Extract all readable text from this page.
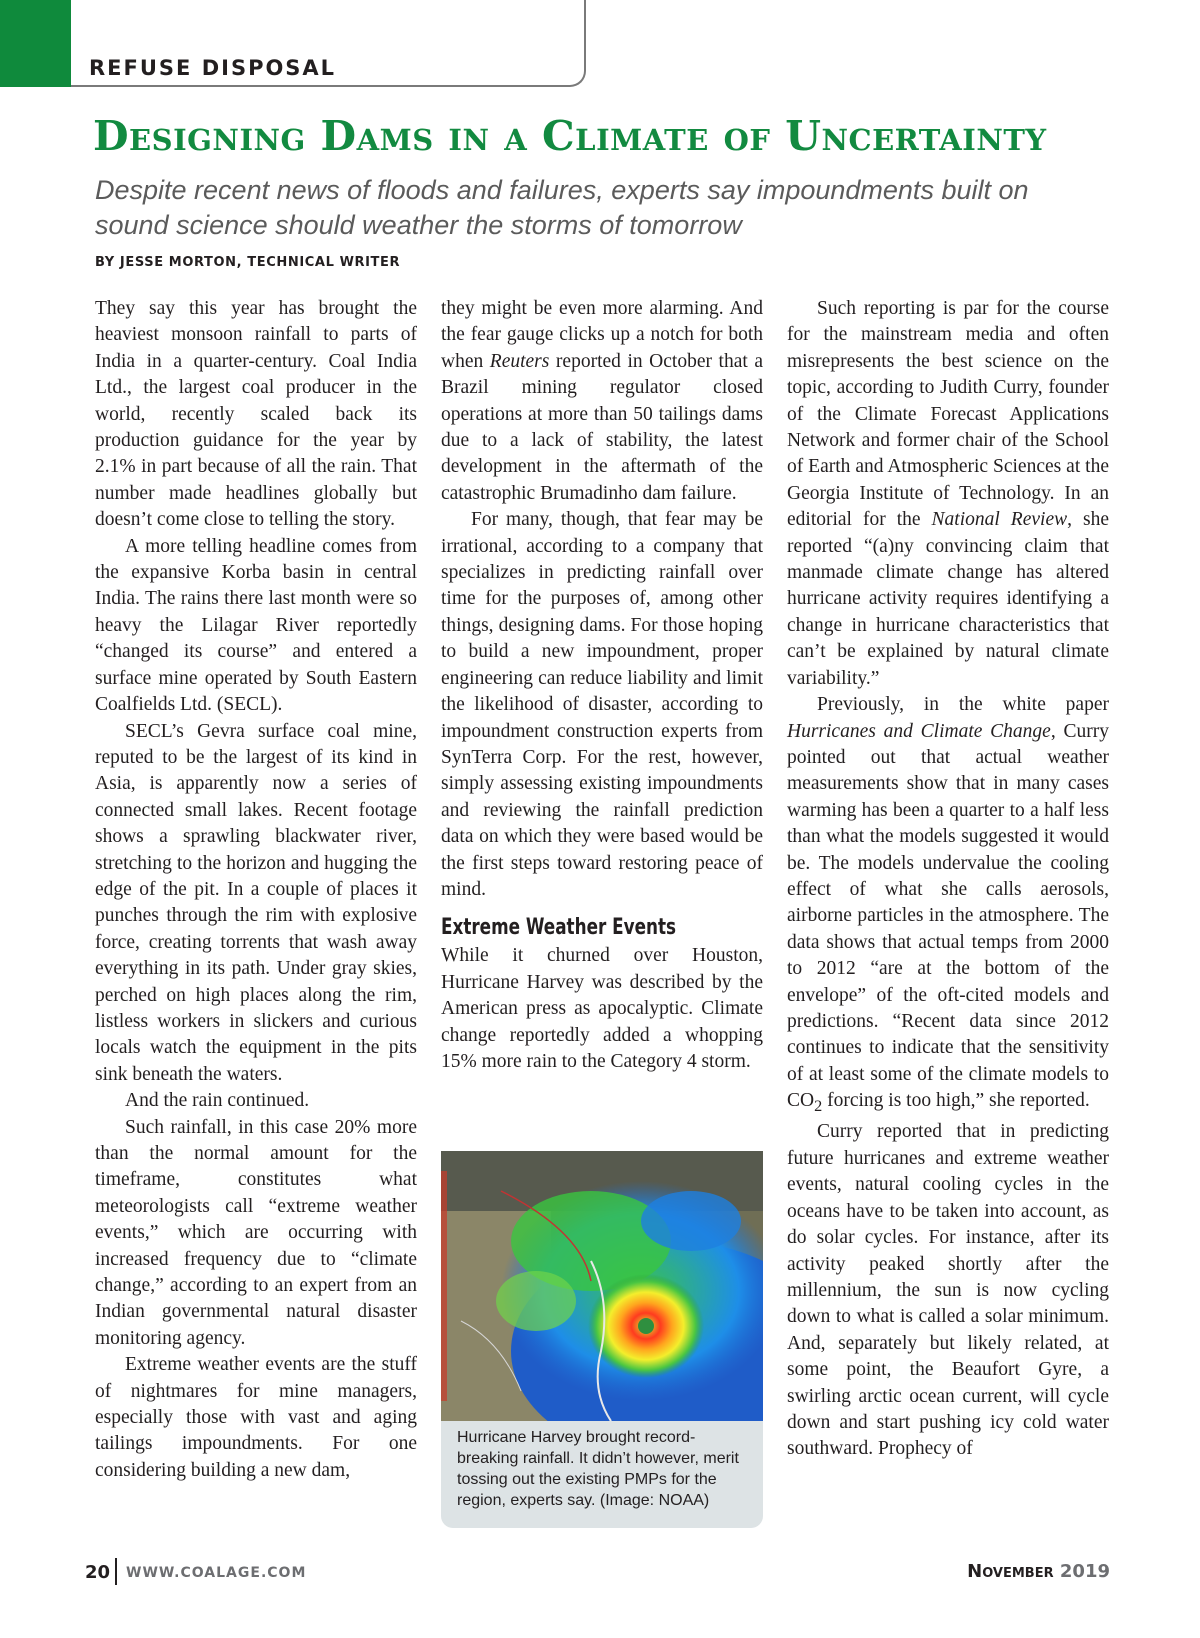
REFUSE DISPOSAL
Designing Dams in a Climate of Uncertainty

Despite recent news of floods and failures, experts say impoundments built on sound science should weather the storms of tomorrow

BY JESSE MORTON, TECHNICAL WRITER

They say this year has brought the heaviest monsoon rainfall to parts of India in a quarter-century. Coal India Ltd., the largest coal producer in the world, recently scaled back its production guidance for the year by 2.1% in part because of all the rain. That number made headlines globally but doesn’t come close to telling the story.

A more telling headline comes from the expansive Korba basin in central India. The rains there last month were so heavy the Lilagar River reportedly “changed its course” and entered a surface mine operated by South Eastern Coalfields Ltd. (SECL).

SECL’s Gevra surface coal mine, reputed to be the largest of its kind in Asia, is apparently now a series of connected small lakes. Recent footage shows a sprawling blackwater river, stretching to the horizon and hugging the edge of the pit. In a couple of places it punches through the rim with explosive force, creating torrents that wash away everything in its path. Under gray skies, perched on high places along the rim, listless workers in slickers and curious locals watch the equipment in the pits sink beneath the waters.

And the rain continued.

Such rainfall, in this case 20% more than the normal amount for the timeframe, constitutes what meteorologists call “extreme weather events,” which are occurring with increased frequency due to “climate change,” according to an expert from an Indian governmental natural disaster monitoring agency.

Extreme weather events are the stuff of nightmares for mine managers, especially those with vast and aging tailings impoundments. For one considering building a new dam,

they might be even more alarming. And the fear gauge clicks up a notch for both when Reuters reported in October that a Brazil mining regulator closed operations at more than 50 tailings dams due to a lack of stability, the latest development in the aftermath of the catastrophic Brumadinho dam failure.

For many, though, that fear may be irrational, according to a company that specializes in predicting rainfall over time for the purposes of, among other things, designing dams. For those hoping to build a new impoundment, proper engineering can reduce liability and limit the likelihood of disaster, according to impoundment construction experts from SynTerra Corp. For the rest, however, simply assessing existing impoundments and reviewing the rainfall prediction data on which they were based would be the first steps toward restoring peace of mind.

Extreme Weather Events

While it churned over Houston, Hurricane Harvey was described by the American press as apocalyptic. Climate change reportedly added a whopping 15% more rain to the Category 4 storm.

Hurricane Harvey brought record-breaking rainfall. It didn’t however, merit tossing out the existing PMPs for the region, experts say. (Image: NOAA)

Such reporting is par for the course for the mainstream media and often misrepresents the best science on the topic, according to Judith Curry, founder of the Climate Forecast Applications Network and former chair of the School of Earth and Atmospheric Sciences at the Georgia Institute of Technology. In an editorial for the National Review, she reported “(a)ny convincing claim that manmade climate change has altered hurricane activity requires identifying a change in hurricane characteristics that can’t be explained by natural climate variability.”

Previously, in the white paper Hurricanes and Climate Change, Curry pointed out that actual weather measurements show that in many cases warming has been a quarter to a half less than what the models suggested it would be. The models undervalue the cooling effect of what she calls aerosols, airborne particles in the atmosphere. The data shows that actual temps from 2000 to 2012 “are at the bottom of the envelope” of the oft-cited models and predictions. “Recent data since 2012 continues to indicate that the sensitivity of at least some of the climate models to $CO_2$ forcing is too high,” she reported.

Curry reported that in predicting future hurricanes and extreme weather events, natural cooling cycles in the oceans have to be taken into account, as do solar cycles. For instance, after its activity peaked shortly after the millennium, the sun is now cycling down to what is called a solar minimum. And, separately but likely related, at some point, the Beaufort Gyre, a swirling arctic ocean current, will cycle down and start pushing icy cold water southward. Prophecy of

20 WWW.COALAGE.COM	November 2019
